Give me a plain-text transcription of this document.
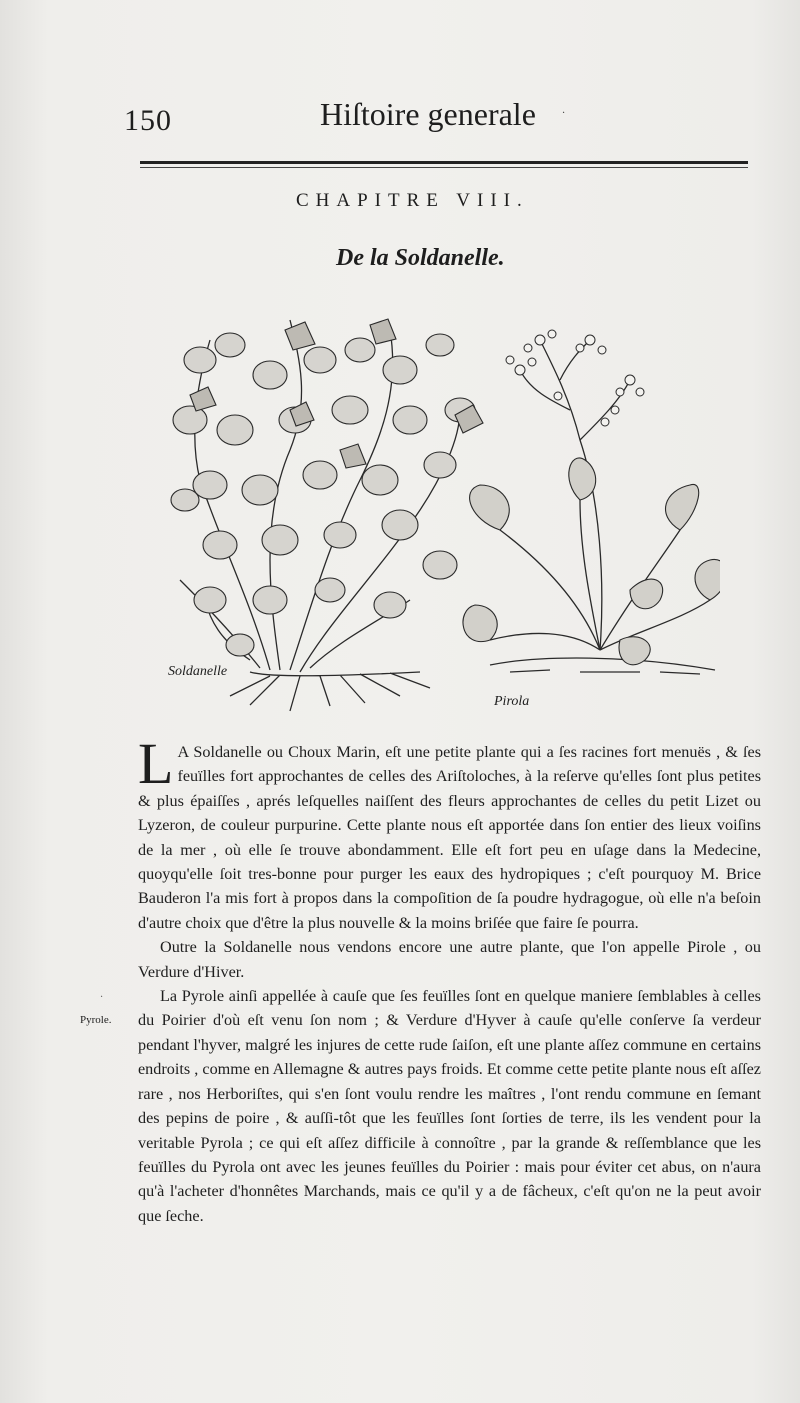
150	Hiſtoire generale	·
CHAPITRE VIII.
De la Soldanelle.
Soldanelle
Pirola

L A Soldanelle ou Choux Marin, eſt une petite plante qui a ſes racines fort menuës , & ſes feuïlles fort approchantes de celles des Ariſtoloches, à la reſerve qu'elles ſont plus petites & plus épaiſſes , aprés leſquelles naiſſent des fleurs approchantes de celles du petit Lizet ou Lyzeron, de couleur purpurine. Cette plante nous eſt apportée dans ſon entier des lieux voiſins de la mer , où elle ſe trouve abondamment. Elle eſt fort peu en uſage dans la Medecine, quoyqu'elle ſoit tres-bonne pour purger les eaux des hydropiques ; c'eſt pourquoy M. Brice Bauderon l'a mis fort à propos dans la compoſition de ſa poudre hydragogue, où elle n'a beſoin d'autre choix que d'être la plus nouvelle & la moins briſée que faire ſe pourra.

Outre la Soldanelle nous vendons encore une autre plante, que l'on appelle Pirole , ou Verdure d'Hiver.

La Pyrole ainſi appellée à cauſe que ſes feuïlles ſont en quelque maniere ſemblables à celles du Poirier d'où eſt venu ſon nom ; & Verdure d'Hyver à cauſe qu'elle conſerve ſa verdeur pendant l'hyver, malgré les injures de cette rude ſaiſon, eſt une plante aſſez commune en certains endroits , comme en Allemagne & autres pays froids. Et comme cette petite plante nous eſt aſſez rare , nos Herboriſtes, qui s'en ſont voulu rendre les maîtres , l'ont rendu commune en ſemant des pepins de poire , & auſſi-tôt que les feuïlles ſont ſorties de terre, ils les vendent pour la veritable Pyrola ; ce qui eſt aſſez difficile à connoître , par la grande & reſſemblance que les feuïlles du Pyrola ont avec les jeunes feuïlles du Poirier : mais pour éviter cet abus, on n'aura qu'à l'acheter d'honnêtes Marchands, mais ce qu'il y a de fâcheux, c'eſt qu'on ne la peut avoir que ſeche.

·
Pyrole.
